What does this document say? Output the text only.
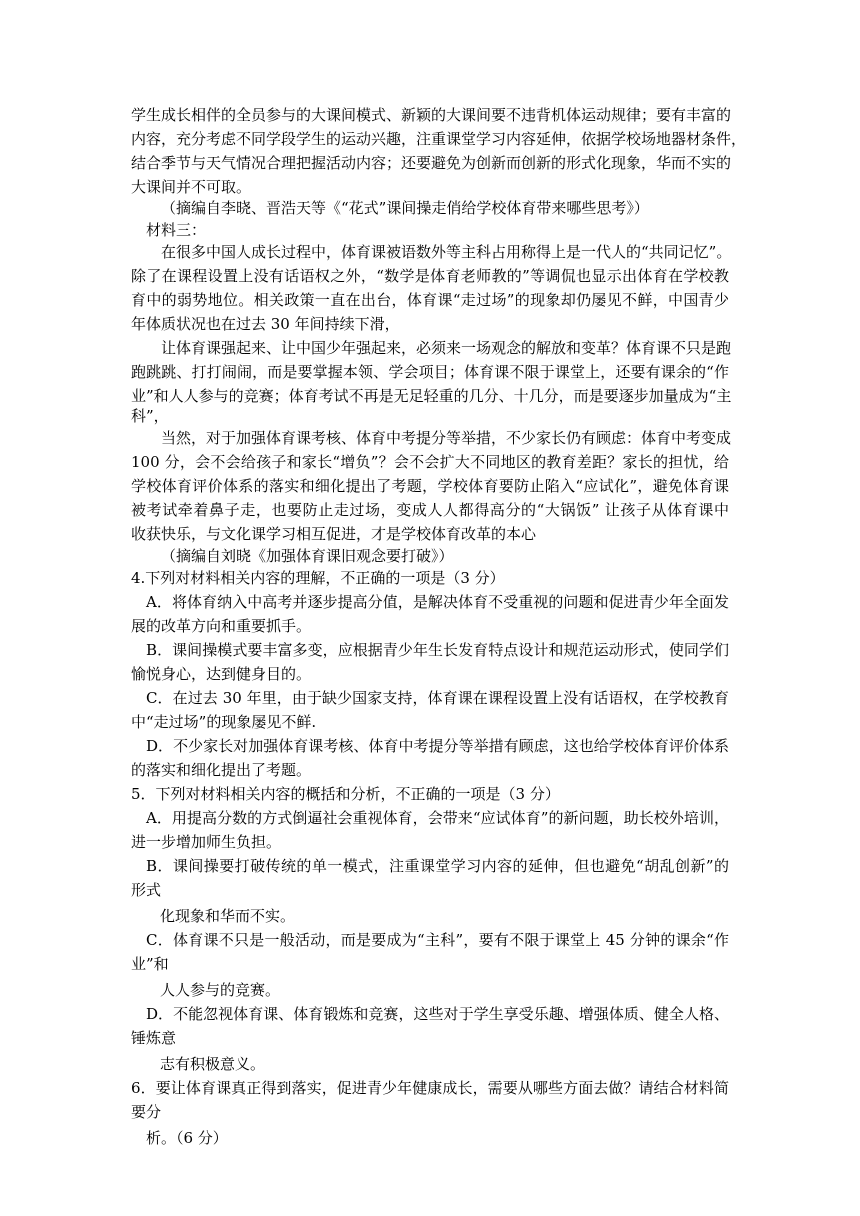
学生成长相伴的全员参与的大课间模式、新颖的大课间要不违背机体运动规律；要有丰富的
内容，充分考虑不同学段学生的运动兴趣，注重课堂学习内容延伸，依据学校场地器材条件，
结合季节与天气情况合理把握活动内容；还要避免为创新而创新的形式化现象，华而不实的
大课间并不可取。
（摘编自李晓、晋浩天等《“花式”课间操走俏给学校体育带来哪些思考》）
材料三：
在很多中国人成长过程中，体育课被语数外等主科占用称得上是一代人的“共同记忆”。
除了在课程设置上没有话语权之外，“数学是体育老师教的”等调侃也显示出体育在学校教
育中的弱势地位。相关政策一直在出台，体育课“走过场”的现象却仍屡见不鲜，中国青少
年体质状况也在过去 30 年间持续下滑，
让体育课强起来、让中国少年强起来，必须来一场观念的解放和变革？体育课不只是跑
跑跳跳、打打闹闹，而是要掌握本领、学会项目；体育课不限于课堂上，还要有课余的“作
业”和人人参与的竞赛；体育考试不再是无足轻重的几分、十几分，而是要逐步加量成为“主
科”，
当然，对于加强体育课考核、体育中考提分等举措，不少家长仍有顾虑：体育中考变成
100 分，会不会给孩子和家长“增负”？会不会扩大不同地区的教育差距？家长的担忧，给
学校体育评价体系的落实和细化提出了考题，学校体育要防止陷入“应试化”，避免体育课
被考试牵着鼻子走，也要防止走过场，变成人人都得高分的“大锅饭” 让孩子从体育课中
收获快乐，与文化课学习相互促进，才是学校体育改革的本心
（摘编自刘晓《加强体育课旧观念要打破》）
4.下列对材料相关内容的理解，不正确的一项是（3 分）
A．将体育纳入中高考并逐步提高分值，是解决体育不受重视的问题和促进青少年全面发
展的改革方向和重要抓手。
B．课间操模式要丰富多变，应根据青少年生长发育特点设计和规范运动形式，使同学们
愉悦身心，达到健身目的。
C．在过去 30 年里，由于缺少国家支持，体育课在课程设置上没有话语权，在学校教育
中“走过场”的现象屡见不鲜.
D．不少家长对加强体育课考核、体育中考提分等举措有顾虑，这也给学校体育评价体系
的落实和细化提出了考题。
5．下列对材料相关内容的概括和分析，不正确的一项是（3 分）
A．用提高分数的方式倒逼社会重视体育，会带来“应试体育”的新问题，助长校外培训，
进一步增加师生负担。
B．课间操要打破传统的单一模式，注重课堂学习内容的延伸，但也避免“胡乱创新”的
形式
化现象和华而不实。
C．体育课不只是一般活动，而是要成为“主科”，要有不限于课堂上 45 分钟的课余“作
业”和
人人参与的竞赛。
D．不能忽视体育课、体育锻炼和竞赛，这些对于学生享受乐趣、增强体质、健全人格、
锤炼意
志有积极意义。
6．要让体育课真正得到落实，促进青少年健康成长，需要从哪些方面去做？请结合材料简
要分
析。（6 分）
